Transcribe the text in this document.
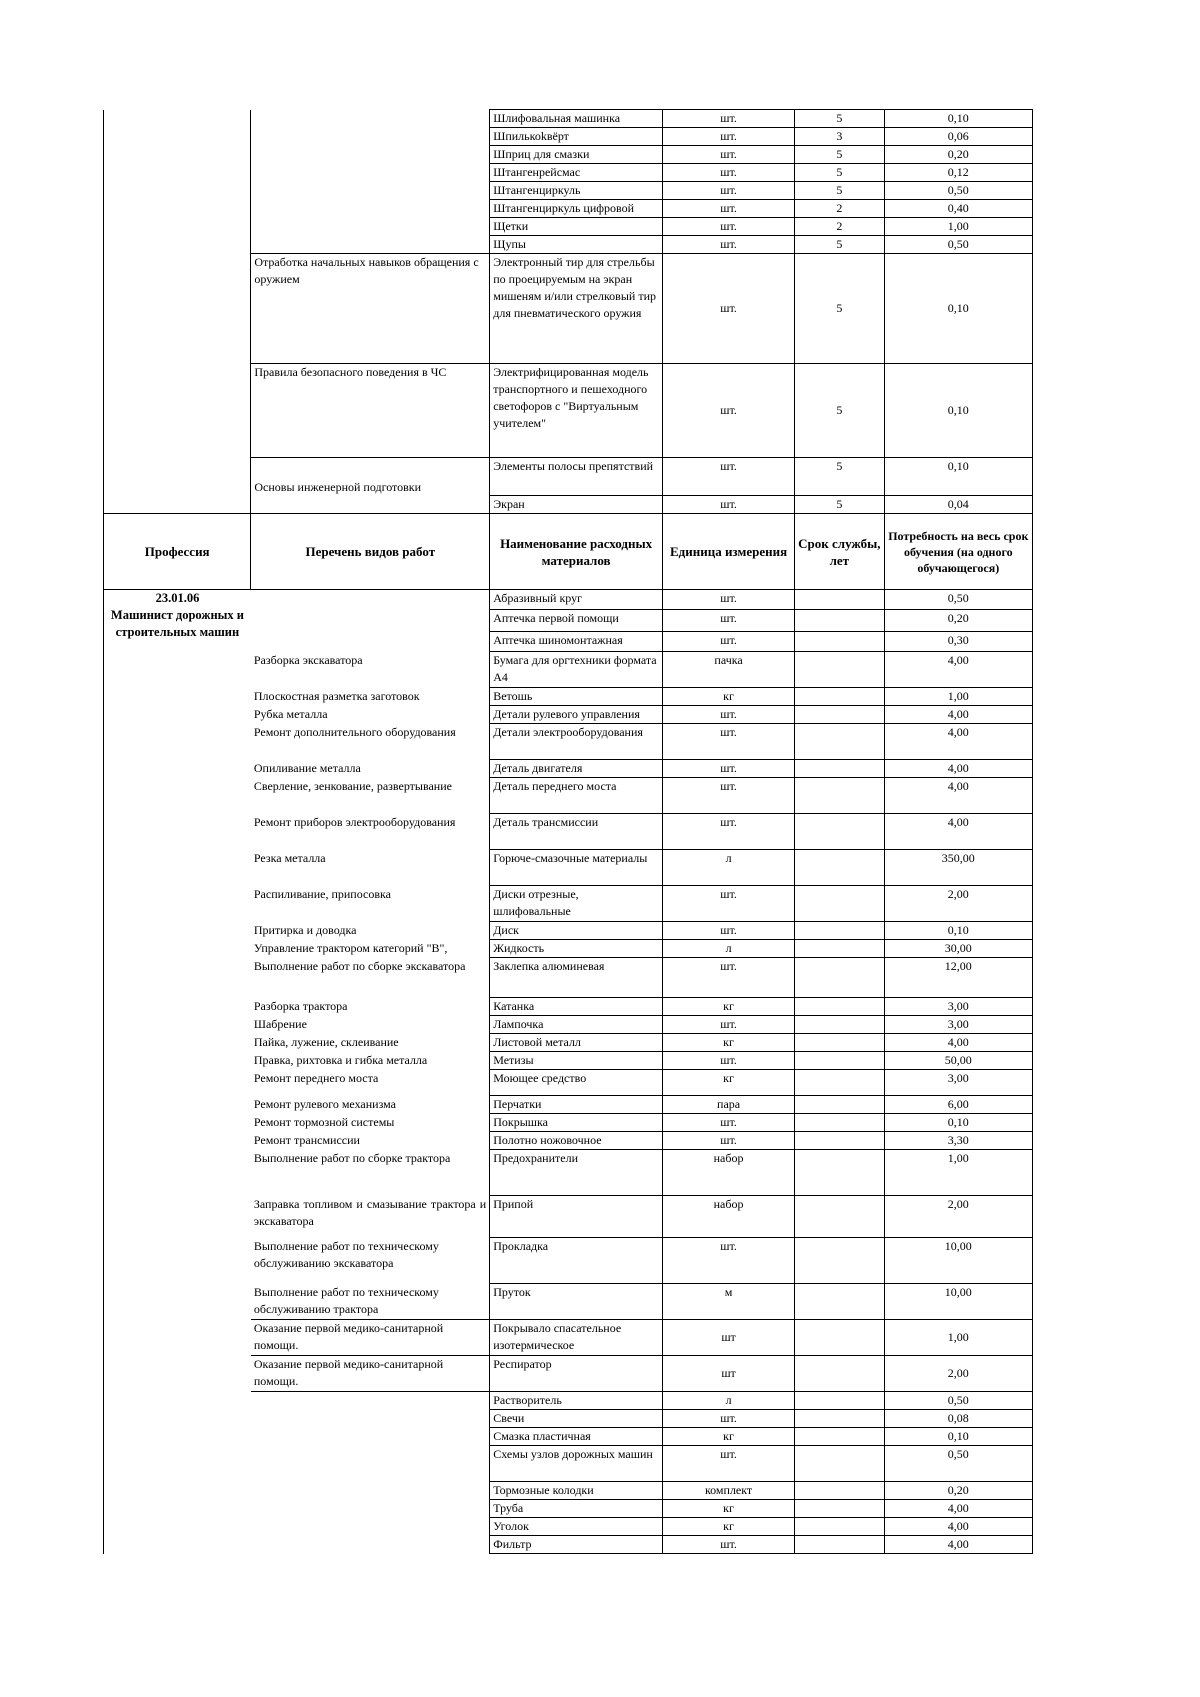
		Шлифовальная машинка	шт.	5	0,10
		Шпилькоkвёрт	шт.	3	0,06
		Шприц для смазки	шт.	5	0,20
		Штангенрейсмас	шт.	5	0,12
		Штангенциркуль	шт.	5	0,50
		Штангенциркуль цифровой	шт.	2	0,40
		Щетки	шт.	2	1,00
		Щупы	шт.	5	0,50
	Отработка начальных навыков обращения с оружием	Электронный тир для стрельбы по проецируемым на экран мишеням и/или стрелковый тир для пневматического оружия	шт.	5	0,10
	Правила безопасного поведения в ЧС	Электрифицированная модель транспортного и пешеходного светофоров с "Виртуальным учителем"	шт.	5	0,10
	Основы инженерной подготовки	Элементы полосы препятствий	шт.	5	0,10
		Экран	шт.	5	0,04
Профессия	Перечень видов работ	Наименование расходных материалов	Единица измерения	Срок службы, лет	Потребность на весь срок обучения (на одного обучающегося)

23.01.06
Машинист дорожных и строительных машин		Абразивный круг	шт.		0,50
		Аптечка первой помощи	шт.		0,20
		Аптечка шиномонтажная	шт.		0,30
	Разборка экскаватора	Бумага для оргтехники формата А4	пачка		4,00
	Плоскостная разметка заготовок	Ветошь	кг		1,00
	Рубка металла	Детали рулевого управления	шт.		4,00
	Ремонт дополнительного оборудования	Детали электрооборудования	шт.		4,00
	Опиливание металла	Деталь двигателя	шт.		4,00
	Сверление, зенкование, развертывание	Деталь переднего моста	шт.		4,00
	Ремонт приборов электрооборудования	Деталь трансмиссии	шт.		4,00
	Резка металла	Горюче-смазочные материалы	л		350,00
	Распиливание, припосовка	Диски отрезные, шлифовальные	шт.		2,00
	Притирка и доводка	Диск	шт.		0,10
	Управление трактором категорий "В",	Жидкость	л		30,00
	Выполнение работ по сборке экскаватора	Заклепка алюминевая	шт.		12,00
	Разборка трактора	Катанка	кг		3,00
	Шабрение	Лампочка	шт.		3,00
	Пайка, лужение, склеивание	Листовой металл	кг		4,00
	Правка, рихтовка и гибка металла	Метизы	шт.		50,00
	Ремонт переднего моста	Моющее средство	кг		3,00
	Ремонт рулевого механизма	Перчатки	пара		6,00
	Ремонт тормозной системы	Покрышка	шт.		0,10
	Ремонт трансмиссии	Полотно ножовочное	шт.		3,30
	Выполнение работ по сборке трактора	Предохранители	набор		1,00
	Заправка топливом и смазывание трактора и экскаватора	Припой	набор		2,00
	Выполнение работ по техническому обслуживанию экскаватора	Прокладка	шт.		10,00
	Выполнение работ по техническому обслуживанию трактора	Пруток	м		10,00
	Оказание первой медико-санитарной помощи.	Покрывало спасательное изотермическое	шт		1,00
	Оказание первой медико-санитарной помощи.	Респиратор	шт		2,00
		Растворитель	л		0,50
		Свечи	шт.		0,08
		Смазка пластичная	кг		0,10
		Схемы узлов дорожных машин	шт.		0,50
		Тормозные колодки	комплект		0,20
		Труба	кг		4,00
		Уголок	кг		4,00
		Фильтр	шт.		4,00
